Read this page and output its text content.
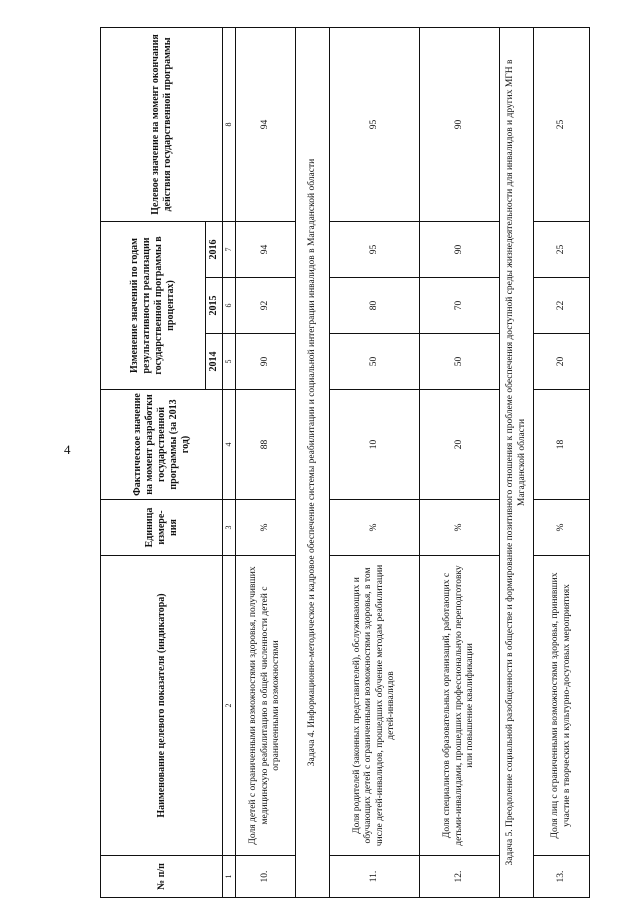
4
№ п/п	Наименование целевого показателя (индикатора)	Единица измере-ния	Фактическое значение на момент разработки государственной программы (за 2013 год)	Изменение значений по годам результативности реализации государственной программы в процентах)			Целевое значение на момент окончания действия государственной программы
				2014	2015	2016	
1	2	3	4	5	6	7	8
10.	Доля детей с ограниченными возможностями здоровья, получивших медицинскую реабилитацию в общей численности детей с ограниченными возможностями	%	88	90	92	94	94
Задача 4. Информационно-методическое и кадровое обеспечение системы реабилитации и социальной интеграции инвалидов в Магаданской области							
11.	Доля родителей (законных представителей), обслуживающих и обучающих детей с ограниченными возможностями здоровья, в том числе детей-инвалидов, прошедших обучение методам реабилитации детей-инвалидов	%	10	50	80	95	95
12.	Доля специалистов образовательных организаций, работающих с детьми-инвалидами, прошедших профессиональную переподготовку или повышение квалификации	%	20	50	70	90	90
Задача 5. Преодоление социальной разобщенности в обществе и формирование позитивного отношения к проблеме обеспечения доступной среды жизнедеятельности для инвалидов и других МГН в Магаданской области							
13.	Доля лиц с ограниченными возможностями здоровья, принявших участие в творческих и культурно-досуговых мероприятиях	%	18	20	22	25	25
